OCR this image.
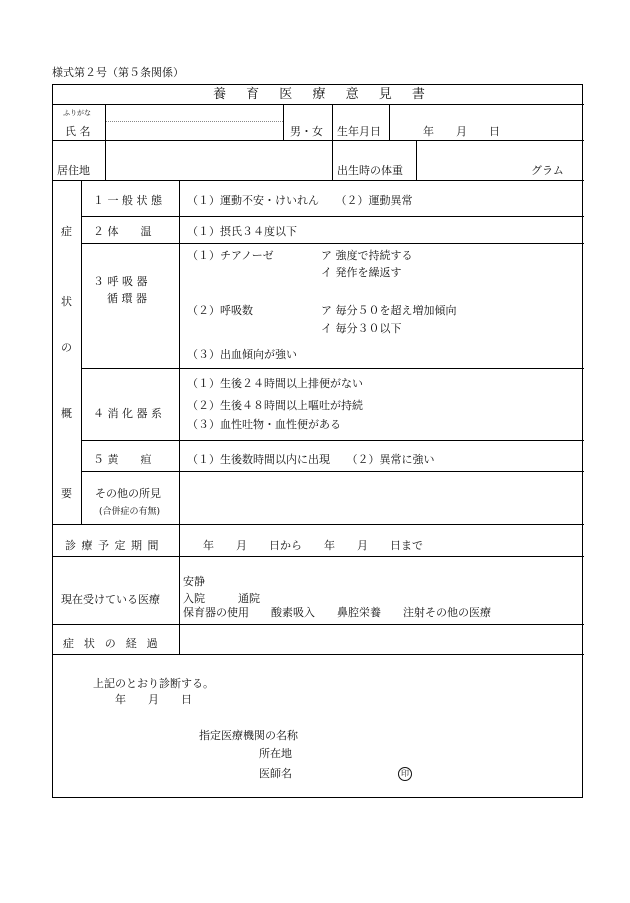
様式第２号（第５条関係）
養育医療意見書
ふりがな
氏 名	男・女 生年月日	年　　月　　日
居住地	出生時の体重	グラム
症
状
の
概
要
１ 一 般 状 態 （１）運動不安・けいれん　　（２）運動異常
２ 体　　温	（１）摂氏３４度以下
３ 呼 吸 器
循 環 器
（１）チアノーゼ	ア 強度で持続する
イ 発作を繰返す
（２）呼吸数	ア 毎分５０を超え増加傾向
イ 毎分３０以下
（３）出血傾向が強い
４ 消 化 器 系
（１）生後２４時間以上排便がない
（２）生後４８時間以上嘔吐が持続
（３）血性吐物・血性便がある
５ 黄　　疸	（１）生後数時間以内に出現　　（２）異常に強い
その他の所見
(合併症の有無)
診療予定期間	年　　月　　日から　　年　　月　　日まで
現在受けている医療
安静
入院　　　通院
保育器の使用　　酸素吸入　　鼻腔栄養　　注射その他の医療
症状の経過
上記のとおり診断する。
年　　月　　日
指定医療機関の名称
所在地
医師名	印
